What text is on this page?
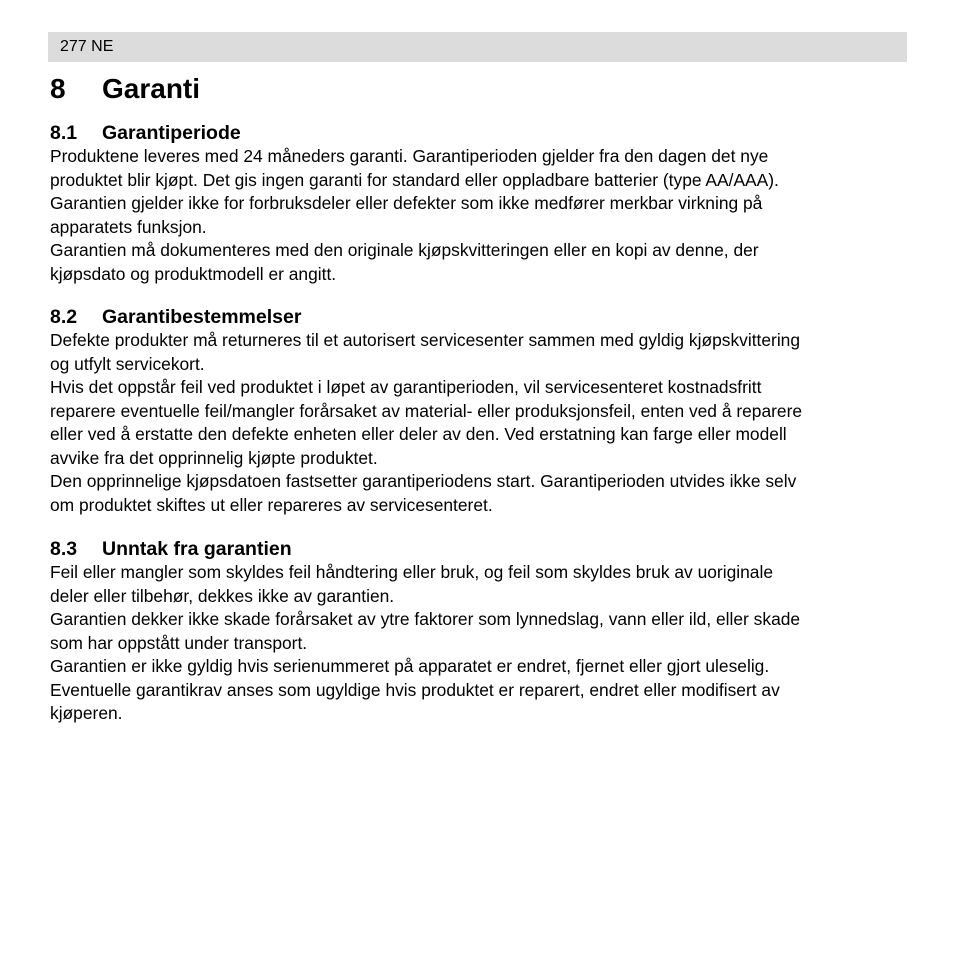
277 NE
8	Garanti
8.1	Garantiperiode

Produktene leveres med 24 måneders garanti. Garantiperioden gjelder fra den dagen det nye

produktet blir kjøpt. Det gis ingen garanti for standard eller oppladbare batterier (type AA/AAA).

Garantien gjelder ikke for forbruksdeler eller defekter som ikke medfører merkbar virkning på

apparatets funksjon.

Garantien må dokumenteres med den originale kjøpskvitteringen eller en kopi av denne, der

kjøpsdato og produktmodell er angitt.

8.2	Garantibestemmelser

Defekte produkter må returneres til et autorisert servicesenter sammen med gyldig kjøpskvittering

og utfylt servicekort.

Hvis det oppstår feil ved produktet i løpet av garantiperioden, vil servicesenteret kostnadsfritt

reparere eventuelle feil/mangler forårsaket av material- eller produksjonsfeil, enten ved å reparere

eller ved å erstatte den defekte enheten eller deler av den. Ved erstatning kan farge eller modell

avvike fra det opprinnelig kjøpte produktet.

Den opprinnelige kjøpsdatoen fastsetter garantiperiodens start. Garantiperioden utvides ikke selv

om produktet skiftes ut eller repareres av servicesenteret.

8.3	Unntak fra garantien

Feil eller mangler som skyldes feil håndtering eller bruk, og feil som skyldes bruk av uoriginale

deler eller tilbehør, dekkes ikke av garantien.

Garantien dekker ikke skade forårsaket av ytre faktorer som lynnedslag, vann eller ild, eller skade

som har oppstått under transport.

Garantien er ikke gyldig hvis serienummeret på apparatet er endret, fjernet eller gjort uleselig.

Eventuelle garantikrav anses som ugyldige hvis produktet er reparert, endret eller modifisert av

kjøperen.
